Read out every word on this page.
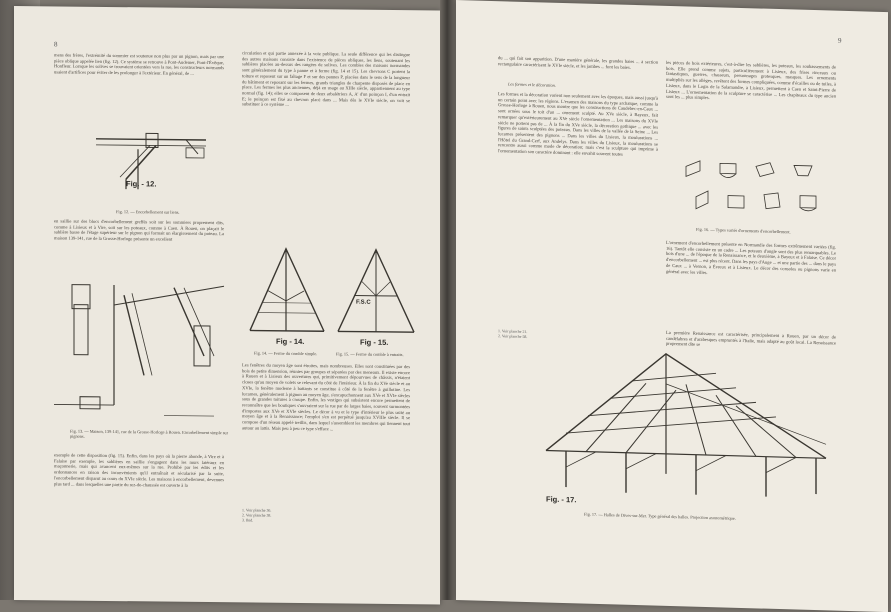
8
mens des frères, l'extrémité du sommier est soutenue non plus par un pignon, mais par une pièce oblique appelée lien (fig. 12). Ce système se retrouve à Pont-Audemer, Pont-l'Évêque, Honfleur. Lorsque les solives se trouvaient orientées vers la rue, les constructeurs normands usaient d'artifices pour éviter de les prolonger à l'extérieur. En général, de ...
Fig. - 12.
Fig. 12. — Encorbellement sur liens.
en saillie sur des blocs d'encorbellement greffés soit sur les sommiers proprement dits, comme à Lisieux et à Vire, soit sur les poteaux, comme à Caen. À Rouen, on plaçait le sablière basse de l'étage supérieur sur le pignon qui formait un élargissement du poteau. La maison 139-141, rue de la Grosse-Horloge présente un excellent
Fig. 13. — Maison, 139-141, rue de la Grosse-Horloge à Rouen. Encorbellement simple sur pignons.
exemple de cette disposition (fig. 15). Enfin, dans les pays où la pierre abonde, à Vire et à Falaise par exemple, les sablières en saillie s'engagent dans les murs latéraux en maçonnerie, mais qui avancent eux-mêmes sur la rue. Prohibé par les édits et les ordonnances en raison des inconvénients qu'il entraînait et sécularisé par la suite, l'encorbellement disparut au cours du XVIe siècle. Les maisons à encorbellement, devenues plus tard ... dans lesquelles une partie du rez-de-chaussée est ouverte à la
circulation et qui partie annexée à la voie publique. La seule différence qui les distingue des autres maisons consiste dans l'existence de pièces obliques, les liens, soutenant les sablières placées au-dessus des rangées de solives. Les combles des maisons normandes sont généralement du type à panne et à ferme (fig. 14 et 15). Les chevrons C portent la toiture et reposent sur un faîtage F et sur des pannes P, placées dans le sens de la longueur du bâtiment et reposant sur les fermes, grands triangles de charpente disposés de place en place. Les fermes les plus anciennes, déjà en usage au XIIIe siècle, appartiennent au type normal (fig. 14); elles se composent de deux arbalétriers A, A' d'un poinçon I, d'un entrait E; le poinçon est fixé au chevron placé dans ... Mais dès le XVIe siècle, on voit se substituer à ce système ...
Fig - 14.
F.S.C
Fig - 15.
Fig. 14. — Ferme du comble simple.	Fig. 15. — Ferme du comble à entraits.
Les fenêtres du moyen âge sont étroites, mais nombreuses. Elles sont constituées par des bois de petite dimension, réunies par groupes et séparées par des meneaux. Il existe encore à Rouen et à Lisieux des ouvertures qui, primitivement dépourvues de châssis, n'étaient closes qu'au moyen de volets se relevant du côté de l'intérieur. À la fin du XVe siècle et au XVIe, la fenêtre moderne à battants se constitue à côté de la fenêtre à guillotine. Les lucarnes, généralement à pignon au moyen âge, s'encapuchonnent aux XVe et XVIe siècles sous de grandes toitures à croupe. Enfin, les vestiges qui subsistent encore permettent de reconnaître que les boutiques s'ouvraient sur la rue par de larges baies, souvent surmontées d'impostes aux XVe et XVIe siècles. Le décor à vu et le type d'intérieur le plus usité au moyen âge et à la Renaissance; l'emploi s'en est perpétué jusqu'au XVIIIe siècle. Il se compose d'un réseau appelé treillis, dans lequel s'assemblent les membres qui tiennent tout autour au lattis. Mais peu à peu ce type s'efface ...
1. Voir planche 36.
2. Voir planche 38.
3. Ibid.
9
du ... qui fait son apparition. D'une manière générale, les grandes baies ... à section rectangulaire caractérisent le XVIe siècle, et les jambes ... font les baies.
Les formes et le décoration.
Les formes et la décoration varient non seulement avec les époques, mais aussi jusqu'à un certain point avec les régions. L'examen des maisons du type archaïque, comme la Grosse-Horloge à Rouen, nous montre que les constructions de Caudebec-en-Caux ... sont ornées sous le toit d'un ... ornement sculpté. Au XVe siècle, à Bayeux, fait remarquer qu'extérieurement au XVe siècle l'ornementation ... Les maisons du XVIe siècle ne portent pas de ... À la fin du XVe siècle, la décoration gothique ... avec les figures de saints sculptées des poteaux. Dans les villes de la vallée de la Seine ... Les lucarnes présentent des pignons ... Dans les villes du Lisieux, la moulurations ... l'Hôtel du Grand-Cerf, aux Andelys. Dans les villes du Lisieux, la moulurations se rencontre aussi comme mode de décoration; mais c'est la sculpture qui imprime à l'ornementation son caractère dominant : elle envahit souvent toutes
1. Voir planche 21.
2. Voir planche 58.
les pièces de bois extérieures, c'est-à-dire les sablières, les poteaux, les soubassements de bois. Elle prend comme sujets, particulièrement à Lisieux, des frises rinceaux ou fantastiques, guerres, chasseurs, personnages grotesques, masques. Les ornements multipliés sur les allèges, revêtent des formes compliquées, comme d'écailles ou de tuiles, à Lisieux, dans le Logis de la Salamandre, à Lisieux, permettent à Caen et Saint-Pierre de Lisieux ... L'ornementation de la sculpture se caractérise ... Les chapiteaux du type ancien sont les ... plus simples.
Fig. 16. — Types variés d'ornements d'encorbellement.
L'ornement d'encorbellement présente en Normandie des formes extrêmement variées (fig. 16). Tantôt elle consiste en un cadre ... Les poteaux d'angle sont des plus remarquables. Le bois d'une ... de l'époque de la Renaissance, et le deuxième, à Bayeux et à Falaise. Ce décor d'encorbellement ... est plus récent. Dans les pays d'Auge ... et une partie des ... dans le pays de Caux ... à Vernon, à Évreux et à Lisieux. Le décor des consoles ou pignons varie en général avec les villes.
La première Renaissance est caractérisée, principalement à Rouen, par un décor de candélabres et d'arabesques empruntés à l'Italie, mais adapté au goût local. La Renaissance proprement dite se
Fig. - 17.
Fig. 17. — Halles de Dives-sur-Mer. Type général des halles. Projection axonométrique.
